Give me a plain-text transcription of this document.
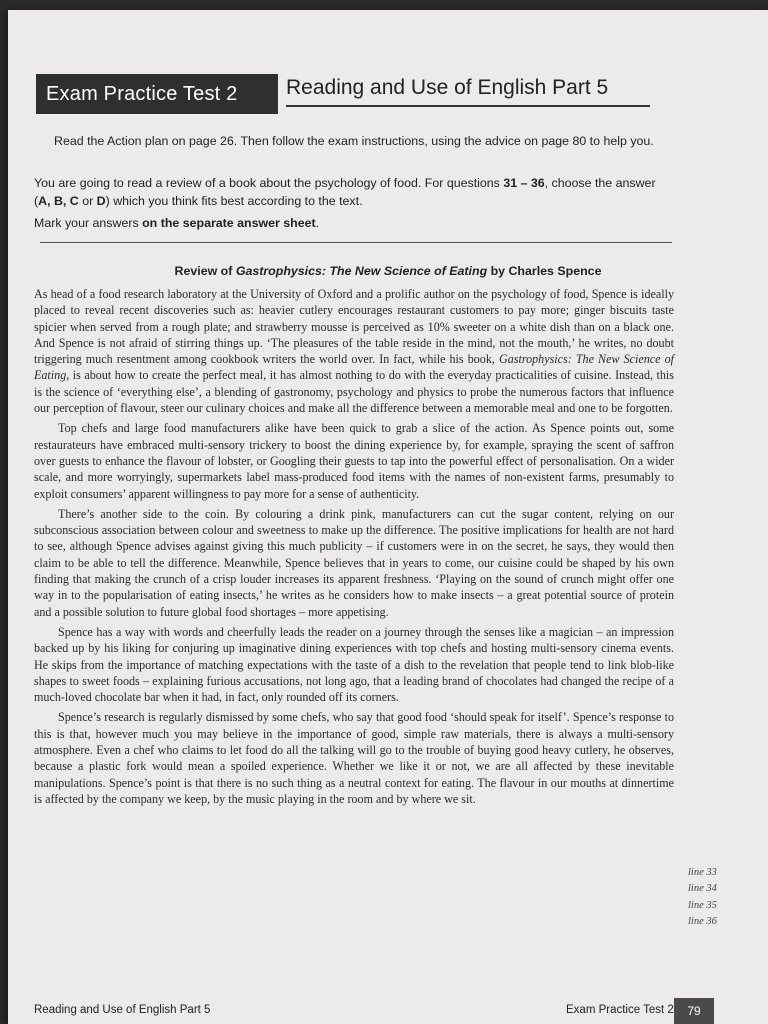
Exam Practice Test 2	Reading and Use of English Part 5
Read the Action plan on page 26. Then follow the exam instructions, using the advice on page 80 to help you.

You are going to read a review of a book about the psychology of food. For questions 31 – 36, choose the answer (A, B, C or D) which you think fits best according to the text.

Mark your answers on the separate answer sheet.

Review of Gastrophysics: The New Science of Eating by Charles Spence

As head of a food research laboratory at the University of Oxford and a prolific author on the psychology of food, Spence is ideally placed to reveal recent discoveries such as: heavier cutlery encourages restaurant customers to pay more; ginger biscuits taste spicier when served from a rough plate; and strawberry mousse is perceived as 10% sweeter on a white dish than on a black one. And Spence is not afraid of stirring things up. ‘The pleasures of the table reside in the mind, not the mouth,’ he writes, no doubt triggering much resentment among cookbook writers the world over. In fact, while his book, Gastrophysics: The New Science of Eating, is about how to create the perfect meal, it has almost nothing to do with the everyday practicalities of cuisine. Instead, this is the science of ‘everything else’, a blending of gastronomy, psychology and physics to probe the numerous factors that influence our perception of flavour, steer our culinary choices and make all the difference between a memorable meal and one to be forgotten.

Top chefs and large food manufacturers alike have been quick to grab a slice of the action. As Spence points out, some restaurateurs have embraced multi-sensory trickery to boost the dining experience by, for example, spraying the scent of saffron over guests to enhance the flavour of lobster, or Googling their guests to tap into the powerful effect of personalisation. On a wider scale, and more worryingly, supermarkets label mass-produced food items with the names of non-existent farms, presumably to exploit consumers’ apparent willingness to pay more for a sense of authenticity.

There’s another side to the coin. By colouring a drink pink, manufacturers can cut the sugar content, relying on our subconscious association between colour and sweetness to make up the difference. The positive implications for health are not hard to see, although Spence advises against giving this much publicity – if customers were in on the secret, he says, they would then claim to be able to tell the difference. Meanwhile, Spence believes that in years to come, our cuisine could be shaped by his own finding that making the crunch of a crisp louder increases its apparent freshness. ‘Playing on the sound of crunch might offer one way in to the popularisation of eating insects,’ he writes as he considers how to make insects – a great potential source of protein and a possible solution to future global food shortages – more appetising.

Spence has a way with words and cheerfully leads the reader on a journey through the senses like a magician – an impression backed up by his liking for conjuring up imaginative dining experiences with top chefs and hosting multi-sensory cinema events. He skips from the importance of matching expectations with the taste of a dish to the revelation that people tend to link blob-like shapes to sweet foods – explaining furious accusations, not long ago, that a leading brand of chocolates had changed the recipe of a much-loved chocolate bar when it had, in fact, only rounded off its corners.

Spence’s research is regularly dismissed by some chefs, who say that good food ‘should speak for itself’. Spence’s response to this is that, however much you may believe in the importance of good, simple raw materials, there is always a multi-sensory atmosphere. Even a chef who claims to let food do all the talking will go to the trouble of buying good heavy cutlery, he observes, because a plastic fork would mean a spoiled experience. Whether we like it or not, we are all affected by these inevitable manipulations. Spence’s point is that there is no such thing as a neutral context for eating. The flavour in our mouths at dinnertime is affected by the company we keep, by the music playing in the room and by where we sit.

line 33
line 34
line 35
line 36
Reading and Use of English Part 5	Exam Practice Test 2	79
